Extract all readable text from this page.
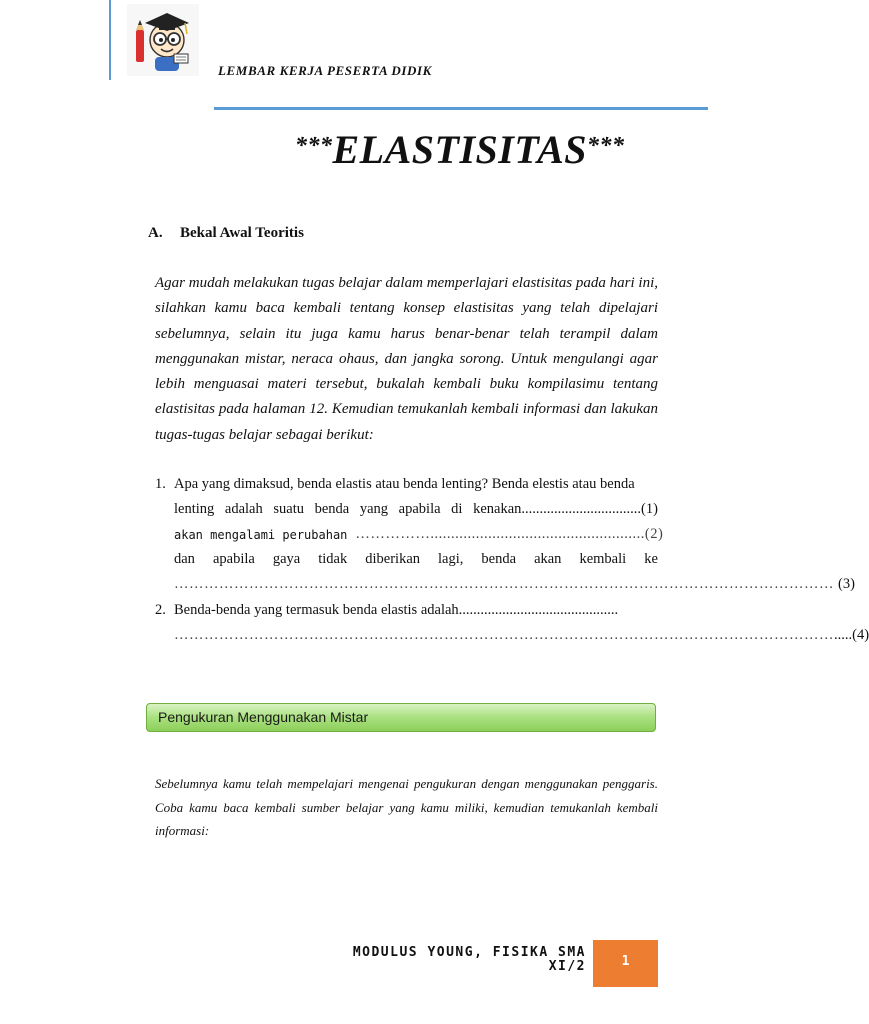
LEMBAR KERJA PESERTA DIDIK
***ELASTISITAS***
A. Bekal Awal Teoritis
Agar mudah melakukan tugas belajar dalam memperlajari elastisitas pada hari ini, silahkan kamu baca kembali tentang konsep elastisitas yang telah dipelajari sebelumnya, selain itu juga kamu harus benar-benar telah terampil dalam menggunakan mistar, neraca ohaus, dan jangka sorong. Untuk mengulangi agar lebih menguasai materi tersebut, bukalah kembali buku kompilasimu tentang elastisitas pada halaman 12. Kemudian temukanlah kembali informasi dan lakukan tugas-tugas belajar sebagai berikut:
1. Apa yang dimaksud, benda elastis atau benda lenting? Benda elestis atau benda
lenting adalah suatu benda yang apabila di kenakan.................................(1)
akan mengalami perubahan ……………....................................................(2)
dan apabila gaya tidak diberikan lagi, benda akan kembali ke
…………………………………………………………………………………………………………………… (3)
2. Benda-benda yang termasuk benda elastis adalah............................................
…………………………………………………………………………………………………………………… .....(4)
Pengukuran Menggunakan Mistar
Sebelumnya kamu telah mempelajari mengenai pengukuran dengan menggunakan penggaris. Coba kamu baca kembali sumber belajar yang kamu miliki, kemudian temukanlah kembali informasi:
MODULUS YOUNG, FISIKA SMA
XI/2	1
